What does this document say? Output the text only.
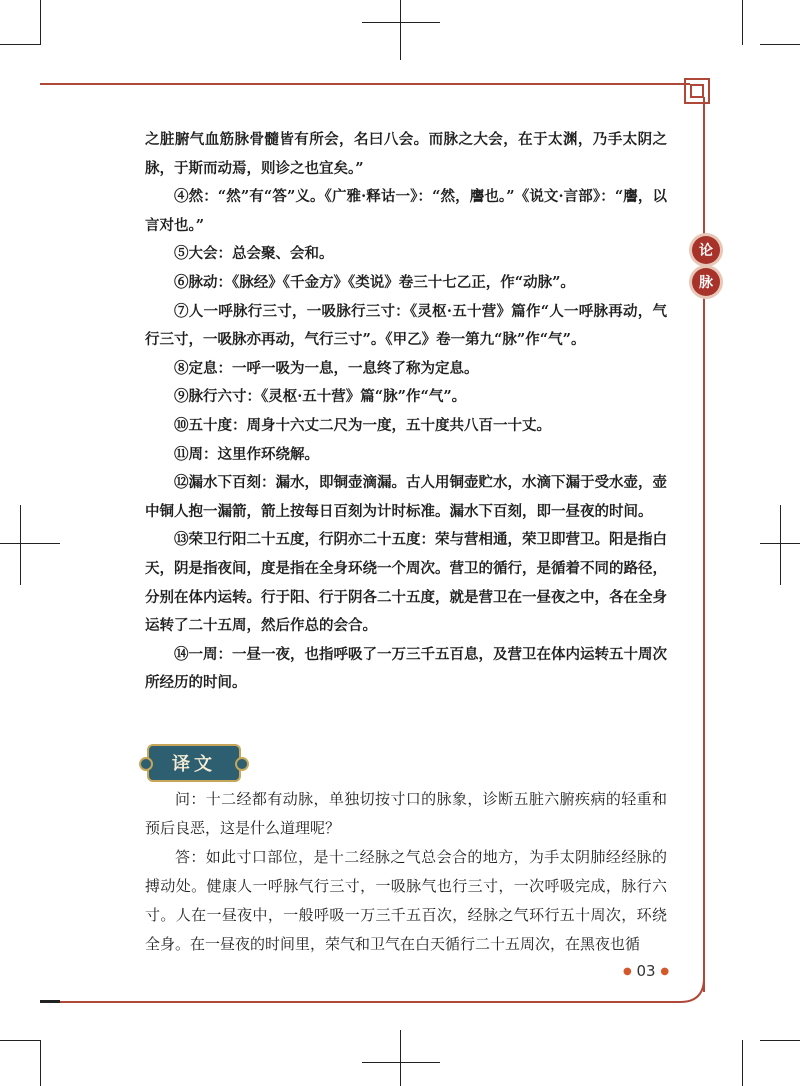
论
脉

之脏腑气血筋脉骨髓皆有所会，名曰八会。而脉之大会，在于太渊，乃手太阴之脉，于斯而动焉，则诊之也宜矣。”

④然：“然”有“答”义。《广雅·释诂一》：“然，譍也。”《说文·言部》：“譍，以言对也。”

⑤大会：总会聚、会和。

⑥脉动：《脉经》《千金方》《类说》卷三十七乙正，作“动脉”。

⑦人一呼脉行三寸，一吸脉行三寸：《灵枢·五十营》篇作“人一呼脉再动，气行三寸，一吸脉亦再动，气行三寸”。《甲乙》卷一第九“脉”作“气”。

⑧定息：一呼一吸为一息，一息终了称为定息。

⑨脉行六寸：《灵枢·五十营》篇“脉”作“气”。

⑩五十度：周身十六丈二尺为一度，五十度共八百一十丈。

⑪周：这里作环绕解。

⑫漏水下百刻：漏水，即铜壶滴漏。古人用铜壶贮水，水滴下漏于受水壶，壶中铜人抱一漏箭，箭上按每日百刻为计时标准。漏水下百刻，即一昼夜的时间。

⑬荣卫行阳二十五度，行阴亦二十五度：荣与营相通，荣卫即营卫。阳是指白天，阴是指夜间，度是指在全身环绕一个周次。营卫的循行，是循着不同的路径，分别在体内运转。行于阳、行于阴各二十五度，就是营卫在一昼夜之中，各在全身运转了二十五周，然后作总的会合。

⑭一周：一昼一夜，也指呼吸了一万三千五百息，及营卫在体内运转五十周次所经历的时间。

译文

问：十二经都有动脉，单独切按寸口的脉象，诊断五脏六腑疾病的轻重和预后良恶，这是什么道理呢？

答：如此寸口部位，是十二经脉之气总会合的地方，为手太阴肺经经脉的搏动处。健康人一呼脉气行三寸，一吸脉气也行三寸，一次呼吸完成，脉行六寸。人在一昼夜中，一般呼吸一万三千五百次，经脉之气环行五十周次，环绕全身。在一昼夜的时间里，荣气和卫气在白天循行二十五周次，在黑夜也循

● 03 ●
